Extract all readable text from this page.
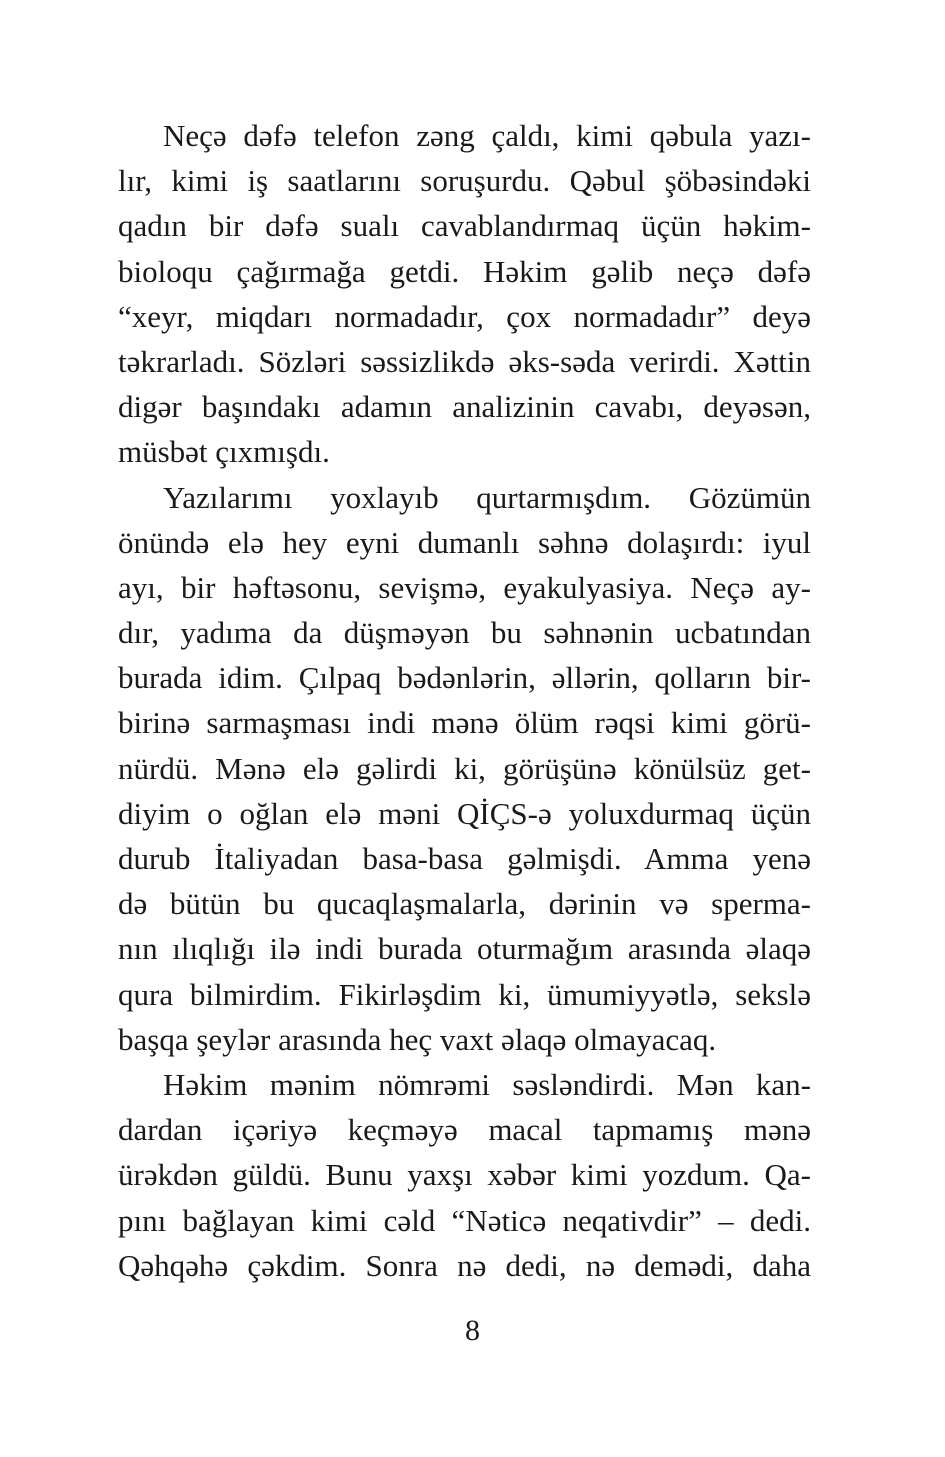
Neçə dəfə telefon zəng çaldı, kimi qəbula yazı-
lır, kimi iş saatlarını soruşurdu. Qəbul şöbəsindəki
qadın bir dəfə sualı cavablandırmaq üçün həkim-
bioloqu çağırmağa getdi. Həkim gəlib neçə dəfə
“xeyr, miqdarı normadadır, çox normadadır” deyə
təkrarladı. Sözləri səssizlikdə əks-səda verirdi. Xəttin
digər başındakı adamın analizinin cavabı, deyəsən,
müsbət çıxmışdı.
Yazılarımı yoxlayıb qurtarmışdım. Gözümün
önündə elə hey eyni dumanlı səhnə dolaşırdı: iyul
ayı, bir həftəsonu, sevişmə, eyakulyasiya. Neçə ay-
dır, yadıma da düşməyən bu səhnənin ucbatından
burada idim. Çılpaq bədənlərin, əllərin, qolların bir-
birinə sarmaşması indi mənə ölüm rəqsi kimi görü-
nürdü. Mənə elə gəlirdi ki, görüşünə könülsüz get-
diyim o oğlan elə məni QİÇS-ə yoluxdurmaq üçün
durub İtaliyadan basa-basa gəlmişdi. Amma yenə
də bütün bu qucaqlaşmalarla, dərinin və sperma-
nın ılıqlığı ilə indi burada oturmağım arasında əlaqə
qura bilmirdim. Fikirləşdim ki, ümumiyyətlə, sekslə
başqa şeylər arasında heç vaxt əlaqə olmayacaq.
Həkim mənim nömrəmi səsləndirdi. Mən kan-
dardan içəriyə keçməyə macal tapmamış mənə
ürəkdən güldü. Bunu yaxşı xəbər kimi yozdum. Qa-
pını bağlayan kimi cəld “Nəticə neqativdir” – dedi.
Qəhqəhə çəkdim. Sonra nə dedi, nə demədi, daha
8
